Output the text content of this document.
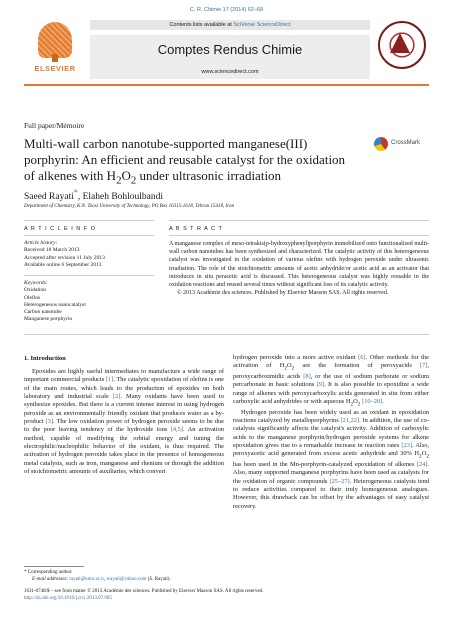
C. R. Chimie 17 (2014) 62–68
ELSEVIER
Contents lists available at SciVerse ScienceDirect
Comptes Rendus Chimie
www.sciencedirect.com
Full paper/Mémoire
Multi-wall carbon nanotube-supported manganese(III)
porphyrin: An efficient and reusable catalyst for the oxidation
of alkenes with $H_2O_2$ under ultrasonic irradiation
CrossMark
Saeed Rayati*, Elaheh Bohloulbandi
Department of Chemistry, K.N. Toosi University of Technology, PO Box 16315-1618, Tehran 15418, Iran
A R T I C L E I N F O	A B S T R A C T
Article history:
Received 18 March 2013
Accepted after revision 11 July 2013
Available online 6 September 2013
Keywords:
Oxidation
Olefins
Heterogeneous nanocatalyst
Carbon nanotube
Manganese porphyrin
A manganese complex of meso-tetrakis(p-hydroxyphenyl)porphyrin immobilized onto functionalized multi-wall carbon nanotubes has been synthesized and characterized. The catalytic activity of this heterogeneous catalyst was investigated in the oxidation of various olefins with hydrogen peroxide under ultrasonic irradiation. The role of the stoichiometric amounts of acetic anhydride/or acetic acid as an activator that introduces in situ peracetic acid is discussed. This heterogeneous catalyst was highly reusable in the oxidation reactions and reused several times without significant loss of its catalytic activity.
© 2013 Académie des sciences. Published by Elsevier Masson SAS. All rights reserved.
1. Introduction

Epoxides are highly useful intermediates to manufacture a wide range of important commercial products [1]. The catalytic epoxidation of olefins is one of the main routes, which leads to the production of epoxides on both laboratory and industrial scale [2]. Many oxidants have been used to synthesize epoxides. But there is a current intense interest in using hydrogen peroxide as an environmentally friendly oxidant that produces water as a by-product [3]. The low oxidation power of hydrogen peroxide seems to be due to the poor leaving tendency of the hydroxide ions [4,5]. An activation method, capable of modifying the orbital energy and tuning the electrophilic/nucleophilic behavior of the oxidant, is thus required. The activation of hydrogen peroxide takes place in the presence of homogeneous metal catalysts, such as iron, manganese and rhenium or through the addition of stoichiometric amounts of auxiliaries, which convert

hydrogen peroxide into a more active oxidant [6]. Other methods for the activation of $H_2O_2$ are the formation of peroxyacids [7], peroxycarboximidic acids [8], or the use of sodium perborate or sodium percarbonate in basic solutions [9]. It is also possible to epoxidize a wide range of alkenes with peroxycarboxylic acids generated in situ from either carboxylic acid anhydrides or with aqueous $H_2O_2$ [10–20].

Hydrogen peroxide has been widely used as an oxidant in epoxidation reactions catalyzed by metalloporphyrins [21,22]. In addition, the use of co-catalysts significantly affects the catalyst's activity. Addition of carboxylic acids to the manganese porphyrin/hydrogen peroxide systems for alkene epoxidation gives rise to a remarkable increase in reaction rates [23]. Also, peroxyacetic acid generated from excess acetic anhydride and 30% $H_2O_2$ has been used in the Mn-porphyrin-catalyzed epoxidation of alkenes [24]. Also, many supported manganese porphyrins have been used as catalysts for the oxidation of organic compounds [25–27]. Heterogeneous catalysts tend to reduce activities compared to their truly homogeneous analogues. However, this drawback can be offset by the advantages of easy catalyst recovery.

* Corresponding author.
E-mail addresses: rayati@kntu.ac.ir, srayati@yahoo.com (S. Rayati).
1631-0748/$ – see front matter © 2013 Académie des sciences. Published by Elsevier Masson SAS. All rights reserved.
http://dx.doi.org/10.1016/j.crci.2013.07.005
